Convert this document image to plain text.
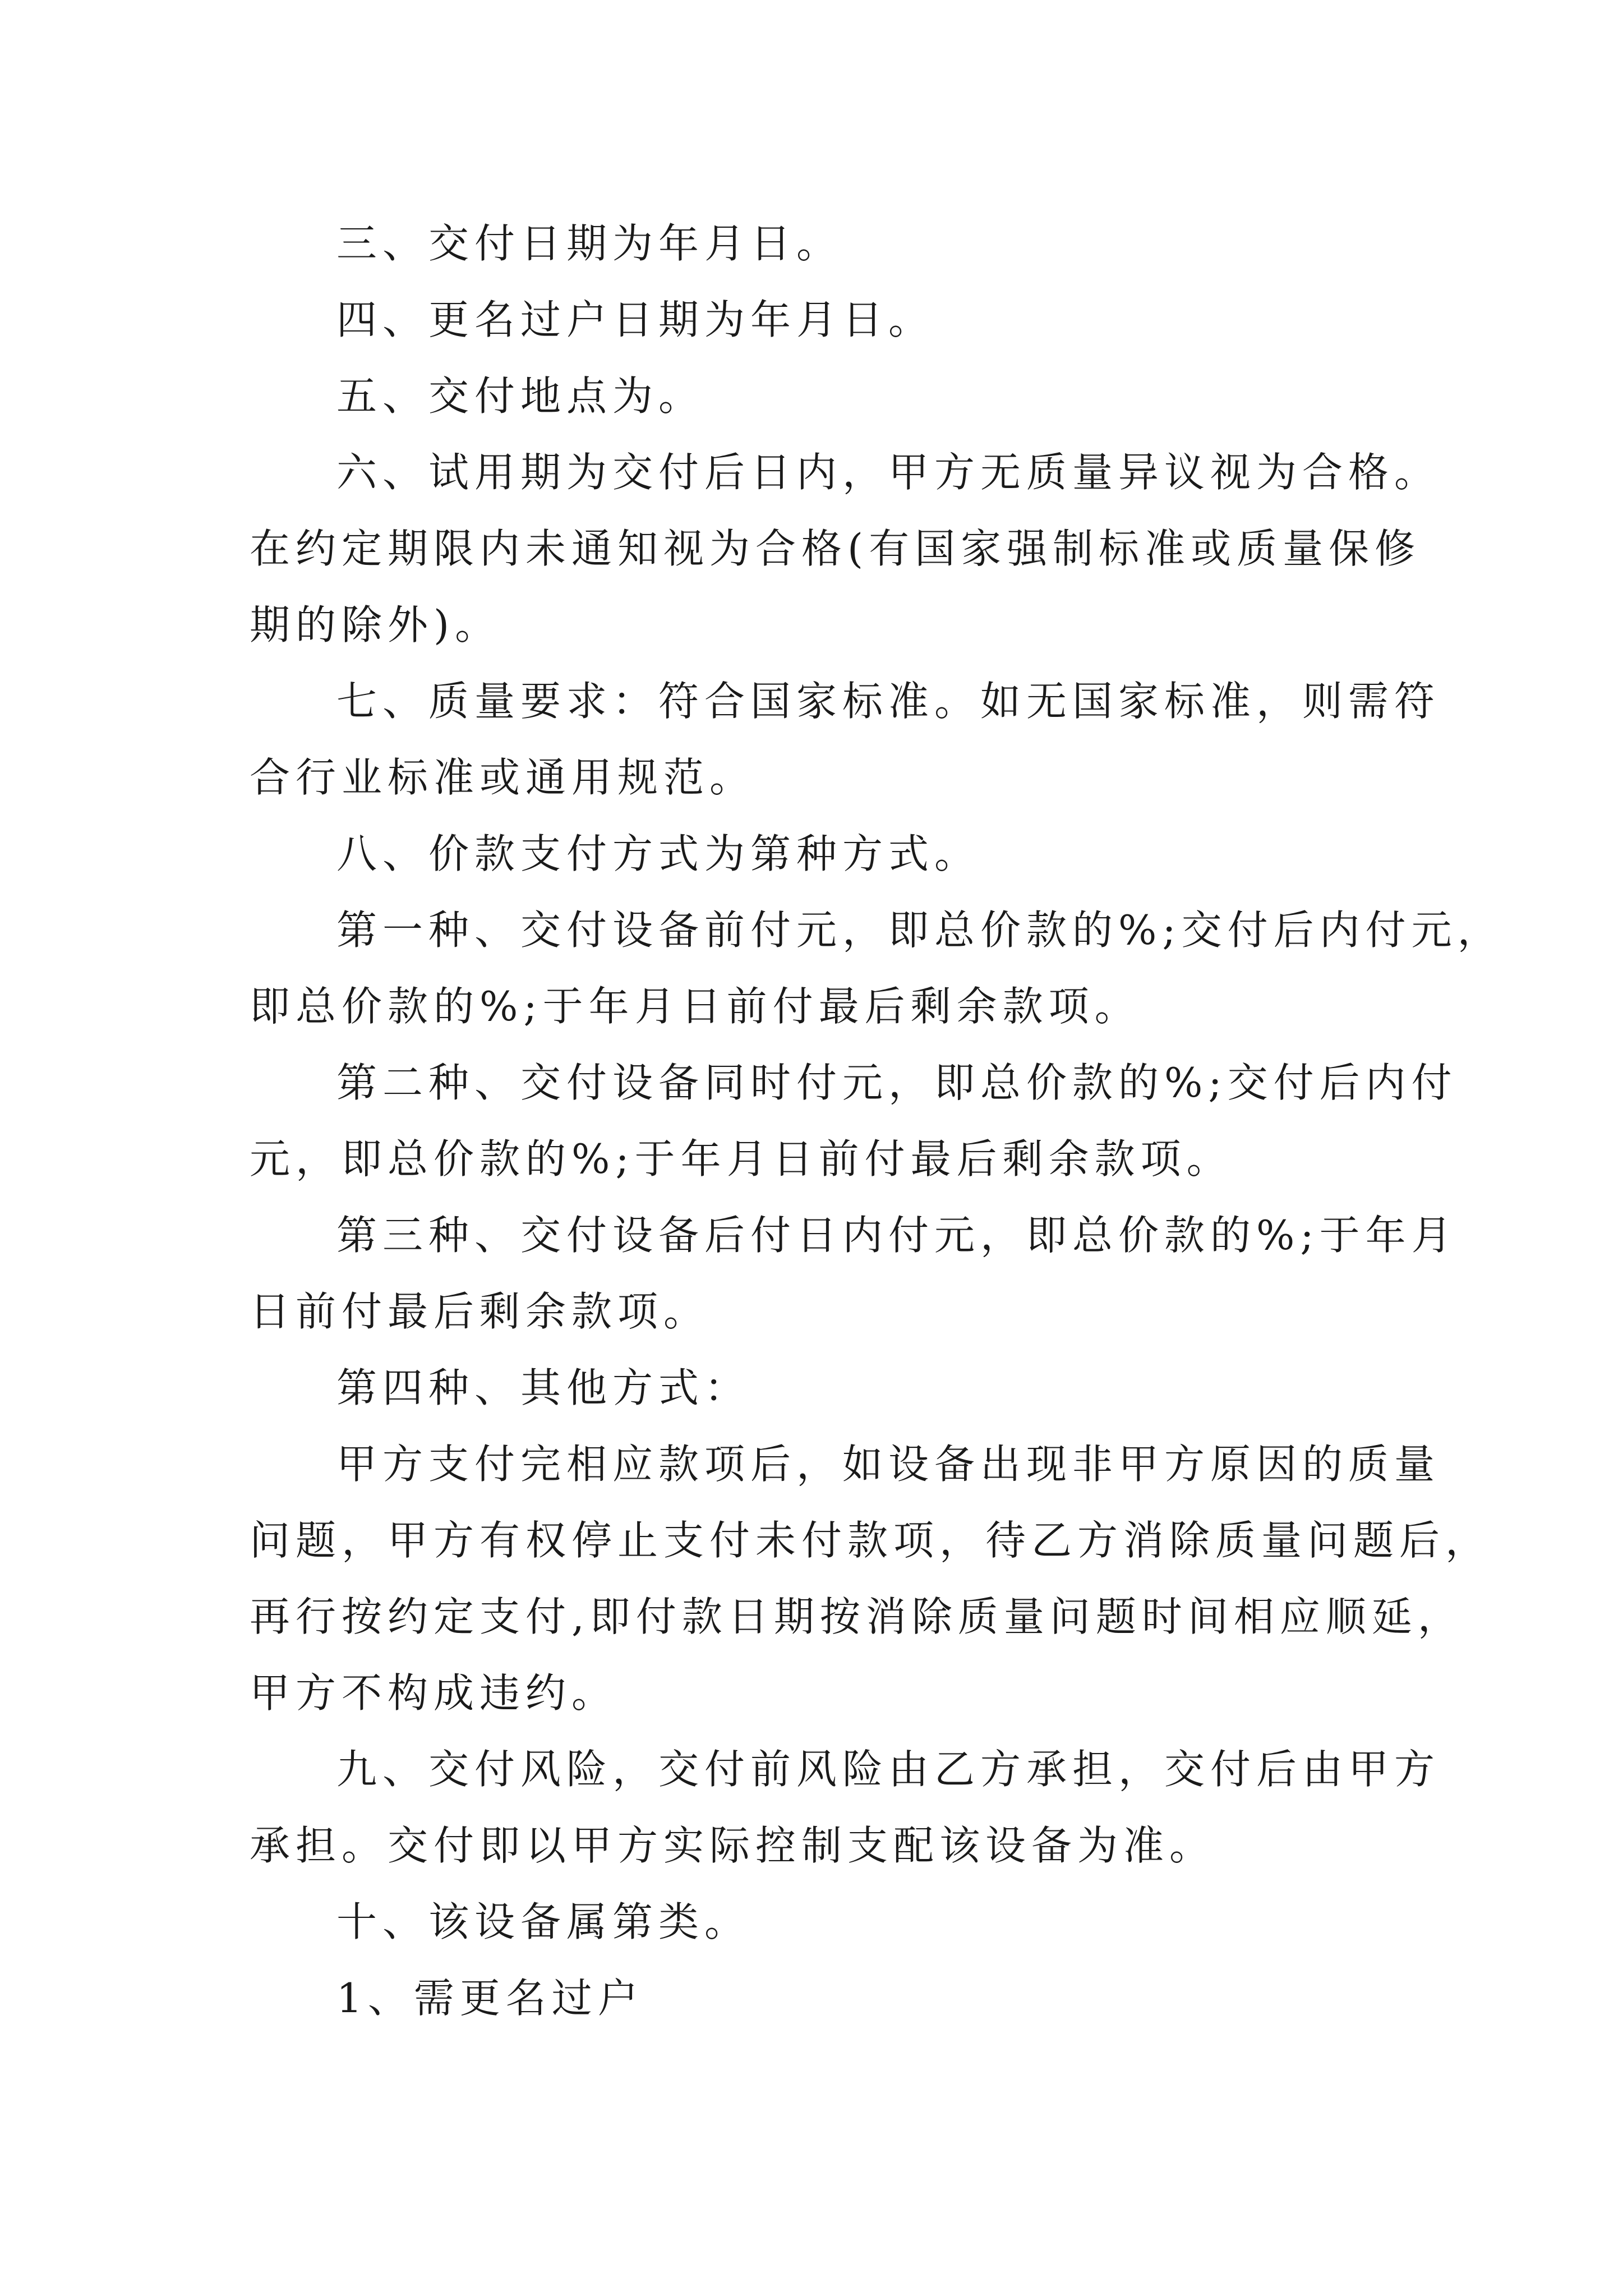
三、交付日期为年月日。
四、更名过户日期为年月日。
五、交付地点为。
六、试用期为交付后日内，甲方无质量异议视为合格。
在约定期限内未通知视为合格(有国家强制标准或质量保修
期的除外)。
七、质量要求：符合国家标准。如无国家标准，则需符
合行业标准或通用规范。
八、价款支付方式为第种方式。
第一种、交付设备前付元，即总价款的%;交付后内付元，
即总价款的%;于年月日前付最后剩余款项。
第二种、交付设备同时付元，即总价款的%;交付后内付
元，即总价款的%;于年月日前付最后剩余款项。
第三种、交付设备后付日内付元，即总价款的%;于年月
日前付最后剩余款项。
第四种、其他方式：
甲方支付完相应款项后，如设备出现非甲方原因的质量
问题，甲方有权停止支付未付款项，待乙方消除质量问题后，
再行按约定支付,即付款日期按消除质量问题时间相应顺延，
甲方不构成违约。
九、交付风险，交付前风险由乙方承担，交付后由甲方
承担。交付即以甲方实际控制支配该设备为准。
十、该设备属第类。
1、需更名过户
